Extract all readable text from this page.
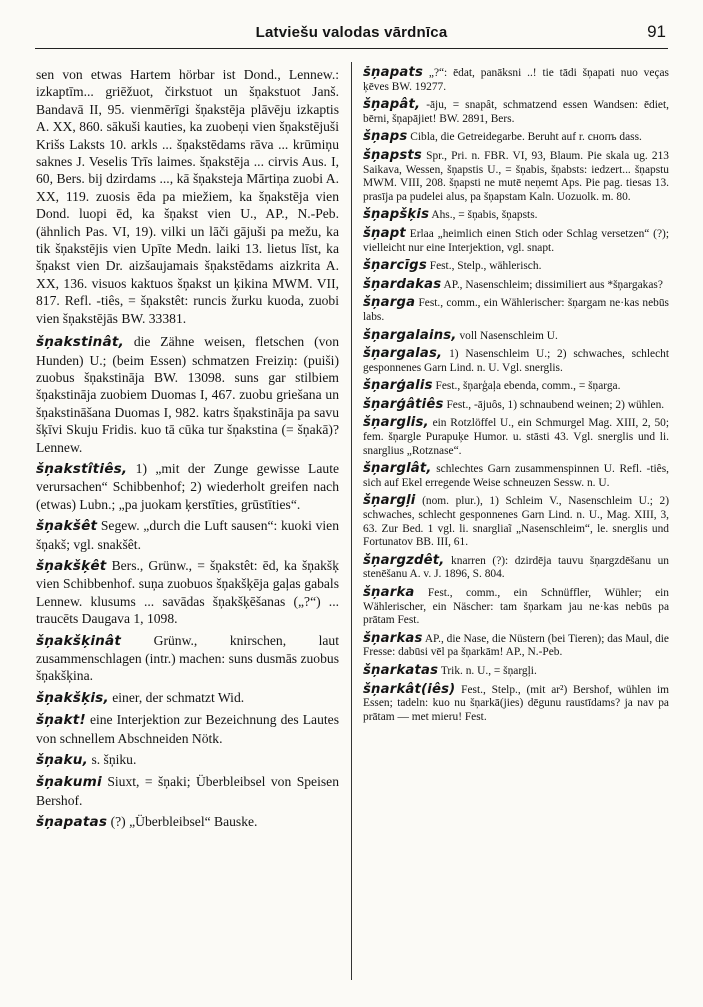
Latviešu valodas vārdnīca	91

sen von etwas Hartem hörbar ist Dond., Lennew.: izkaptīm... griēžuot, čirkstuot un šņakstuot Janš. Bandavā II, 95. vienmērīgi šņakstēja plāvēju izkaptis A. XX, 860. sākuši kauties, ka zuobeņi vien šņakstējuši Krišs Laksts 10. arkls ... šņakstēdams rāva ... krūmiņu saknes J. Veselis Trīs laimes. šņakstēja ... cirvis Aus. I, 60, Bers. bij dzirdams ..., kā šņaksteja Mārtiņa zuobi A. XX, 119. zuosis ēda pa miežiem, ka šņakstēja vien Dond. luopi ēd, ka šņakst vien U., AP., N.-Peb. (ähnlich Pas. VI, 19). vilki un lāči gājuši pa mežu, ka tik šņakstējis vien Upīte Medn. laiki 13. lietus līst, ka šņakst vien Dr. aizšaujamais šņakstēdams aizkrita A. XX, 136. visuos kaktuos šņakst un ķikina MWM. VII, 817. Refl. -tiês, = šņakstêt: runcis žurku kuoda, zuobi vien šņakstējās BW. 33381.

šņakstinât, die Zähne weisen, fletschen (von Hunden) U.; (beim Essen) schmatzen Freiziņ: (puiši) zuobus šņakstināja BW. 13098. suns gar stilbiem šņakstināja zuobiem Duomas I, 467. zuobu griešana un šņakstināšana Duomas I, 982. katrs šņakstināja pa savu šķīvi Skuju Fridis. kuo tā cūka tur šņakstina (= šņakā)? Lennew.

šņakstîtiês, 1) „mit der Zunge gewisse Laute verursachen“ Schibbenhof; 2) wiederholt greifen nach (etwas) Lubn.; „pa juokam ķerstīties, grūstīties“.

šņakšêt Segew. „durch die Luft sausen“: kuoki vien šņakš; vgl. snakšêt.

šņakšķêt Bers., Grünw., = šņakstêt: ēd, ka šņakšķ vien Schibbenhof. suņa zuobuos šņakšķēja gaļas gabals Lennew. klusums ... savādas šņakšķēšanas („?“) ... traucēts Daugava 1, 1098.

šņakšķinât Grünw., knirschen, laut zusammenschlagen (intr.) machen: suns dusmās zuobus šņakšķina.

šņakšķis, einer, der schmatzt Wid.

šņakt! eine Interjektion zur Bezeichnung des Lautes von schnellem Abschneiden Nötk.

šņaku, s. šņiku.

šņakumi Siuxt, = šņaki; Überbleibsel von Speisen Bershof.

šņapatas (?) „Überbleibsel“ Bauske.

šņapats „?“: ēdat, panāksni ..! tie tādi šņapati nuo veças ķēves BW. 19277.

šņapât, -āju, = snapât, schmatzend essen Wandsen: ēdiet, bērni, šņapājiet! BW. 2891, Bers.

šņaps Cibla, die Getreidegarbe. Beruht auf r. снопъ dass.

šņapsts Spr., Pri. n. FBR. VI, 93, Blaum. Pie skala ug. 213 Saikava, Wessen, šņapstis U., = šņabis, šņabsts: iedzert... šņapstu MWM. VIII, 208. šņapsti ne mutē neņemt Aps. Pie pag. tiesas 13. prasīja pa pudelei alus, pa šņapstam Kaln. Uozuolk. m. 80.

šņapšķis Ahs., = šņabis, šņapsts.

šņapt Erlaa „heimlich einen Stich oder Schlag versetzen“ (?); vielleicht nur eine Interjektion, vgl. snapt.

šņarcīgs Fest., Stelp., wählerisch.

šņardakas AP., Nasenschleim; dissimiliert aus *šņargakas?

šņarga Fest., comm., ein Wählerischer: šņargam ne·kas nebūs labs.

šņargalains, voll Nasenschleim U.

šņargalas, 1) Nasenschleim U.; 2) schwaches, schlecht gesponnenes Garn Lind. n. U. Vgl. snerglis.

šņarģalis Fest., šņarģaļa ebenda, comm., = šņarga.

šņarģâtiês Fest., -ājuôs, 1) schnaubend weinen; 2) wühlen.

šņarglis, ein Rotzlöffel U., ein Schmurgel Mag. XIII, 2, 50; fem. šņargle Purapuķe Humor. u. stāsti 43. Vgl. snerglis und li. snarglius „Rotznase“.

šņarglât, schlechtes Garn zusammenspinnen U. Refl. -tiês, sich auf Ekel erregende Weise schneuzen Sessw. n. U.

šņargļi (nom. plur.), 1) Schleim V., Nasenschleim U.; 2) schwaches, schlecht gesponnenes Garn Lind. n. U., Mag. XIII, 3, 63. Zur Bed. 1 vgl. li. snargliaĩ „Nasenschleim“, le. snerglis und Fortunatov BB. III, 61.

šņargzdêt, knarren (?): dzirdēja tauvu šņargzdēšanu un stenēšanu A. v. J. 1896, S. 804.

šņarka Fest., comm., ein Schnüffler, Wühler; ein Wählerischer, ein Näscher: tam šņarkam jau ne·kas nebūs pa prātam Fest.

šņarkas AP., die Nase, die Nüstern (bei Tieren); das Maul, die Fresse: dabūsi vēl pa šņarkām! AP., N.-Peb.

šņarkatas Trik. n. U., = šņargļi.

šņarkât(iês) Fest., Stelp., (mit ar²) Bershof, wühlen im Essen; tadeln: kuo nu šņarkā(jies) dēgunu raustīdams? ja nav pa prātam — met mieru! Fest.
